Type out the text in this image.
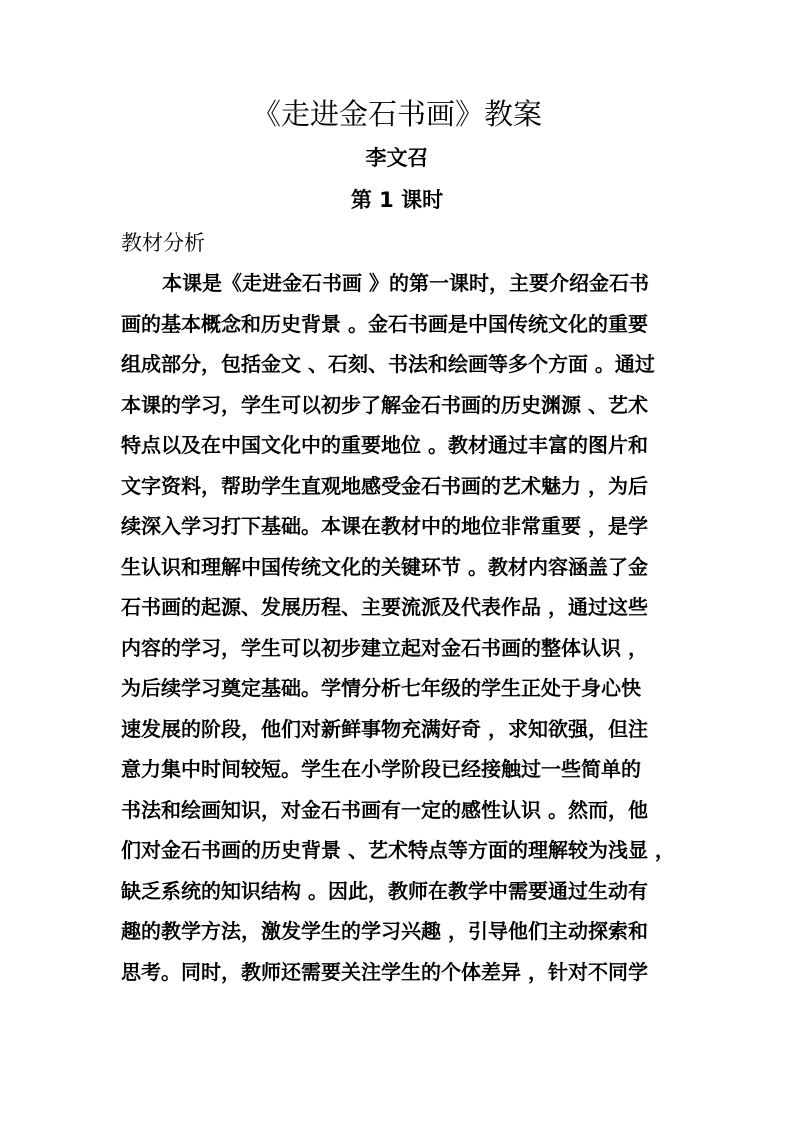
《走进金石书画》教案
李文召
第 1 课时
教材分析
本课是《走进金石书画 》的第一课时，主要介绍金石书
画的基本概念和历史背景 。金石书画是中国传统文化的重要
组成部分，包括金文 、石刻、书法和绘画等多个方面 。通过
本课的学习，学生可以初步了解金石书画的历史渊源 、艺术
特点以及在中国文化中的重要地位 。教材通过丰富的图片和
文字资料，帮助学生直观地感受金石书画的艺术魅力 ，为后
续深入学习打下基础。本课在教材中的地位非常重要 ，是学
生认识和理解中国传统文化的关键环节 。教材内容涵盖了金
石书画的起源、发展历程、主要流派及代表作品 ，通过这些
内容的学习，学生可以初步建立起对金石书画的整体认识 ，
为后续学习奠定基础。学情分析七年级的学生正处于身心快
速发展的阶段，他们对新鲜事物充满好奇 ，求知欲强，但注
意力集中时间较短。学生在小学阶段已经接触过一些简单的
书法和绘画知识，对金石书画有一定的感性认识 。然而，他
们对金石书画的历史背景 、艺术特点等方面的理解较为浅显 ，
缺乏系统的知识结构 。因此，教师在教学中需要通过生动有
趣的教学方法，激发学生的学习兴趣 ，引导他们主动探索和
思考。同时，教师还需要关注学生的个体差异 ，针对不同学
